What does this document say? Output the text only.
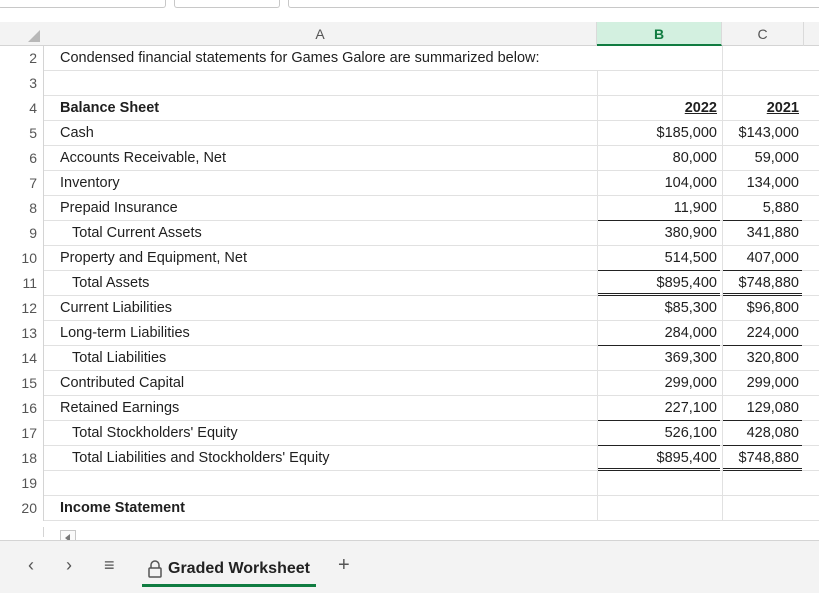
A	B	C
2	Condensed financial statements for Games Galore are summarized below:
3
4	Balance Sheet	2022	2021
5	Cash	$185,000	$143,000
6	Accounts Receivable, Net	80,000	59,000
7	Inventory	104,000	134,000
8	Prepaid Insurance	11,900	5,880
9	Total Current Assets	380,900	341,880
10	Property and Equipment, Net	514,500	407,000
11	Total Assets	$895,400	$748,880
12	Current Liabilities	$85,300	$96,800
13	Long-term Liabilities	284,000	224,000
14	Total Liabilities	369,300	320,800
15	Contributed Capital	299,000	299,000
16	Retained Earnings	227,100	129,080
17	Total Stockholders' Equity	526,100	428,080
18	Total Liabilities and Stockholders' Equity	$895,400	$748,880
19
20	Income Statement
‹ › ≡	Graded Worksheet +
